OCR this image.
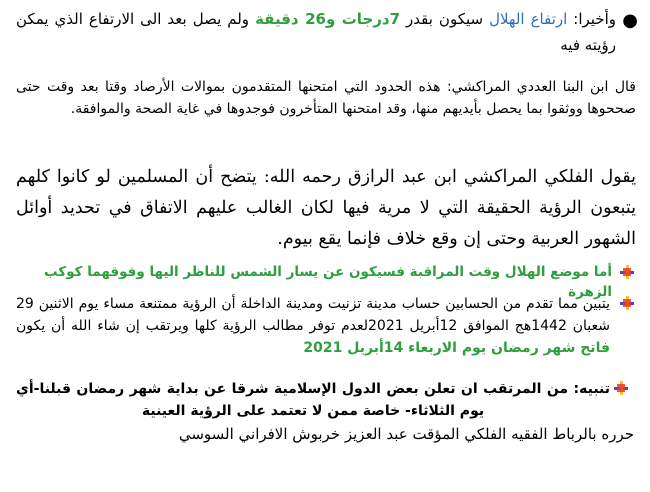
●
وأخيرا: ارتفاع الهلال سيكون بقدر 7درجات و26 دقيقة ولم يصل بعد الى الارتفاع الذي يمكن رؤيته فيه
قال ابن البنا العددي المراكشي: هذه الحدود التي امتحنها المتقدمون بموالات الأرصاد وقتا بعد وقت حتى صححوها ووثقوا بما يحصل بأيديهم منها، وقد امتحنها المتأخرون فوجدوها في غاية الصحة والموافقة.
يقول الفلكي المراكشي ابن عبد الرازق رحمه الله: يتضح أن المسلمين لو كانوا كلهم يتبعون الرؤية الحقيقة التي لا مرية فيها لكان الغالب عليهم الاتفاق في تحديد أوائل الشهور العربية وحتى إن وقع خلاف فإنما يقع بيوم.
أما موضع الهلال وقت المراقبة فسيكون عن يسار الشمس للناظر اليها وفوقهما كوكب الزهرة
يتبين مما تقدم من الحسابين حساب مدينة تزنيت ومدينة الداخلة أن الرؤية ممتنعة مساء يوم الاثنين 29 شعبان 1442هج الموافق 12أبريل 2021لعدم توفر مطالب الرؤية كلها ويرتقب إن شاء الله أن يكون فاتح شهر رمضان يوم الاربعاء 14أبريل 2021
تنبيه: من المرتقب ان تعلن بعض الدول الإسلامية شرقا عن بداية شهر رمضان قبلنا-أي يوم الثلاثاء- خاصة ممن لا تعتمد على الرؤية العينية
حرره بالرباط الفقيه الفلكي المؤقت عبد العزيز خربوش الافراني السوسي
